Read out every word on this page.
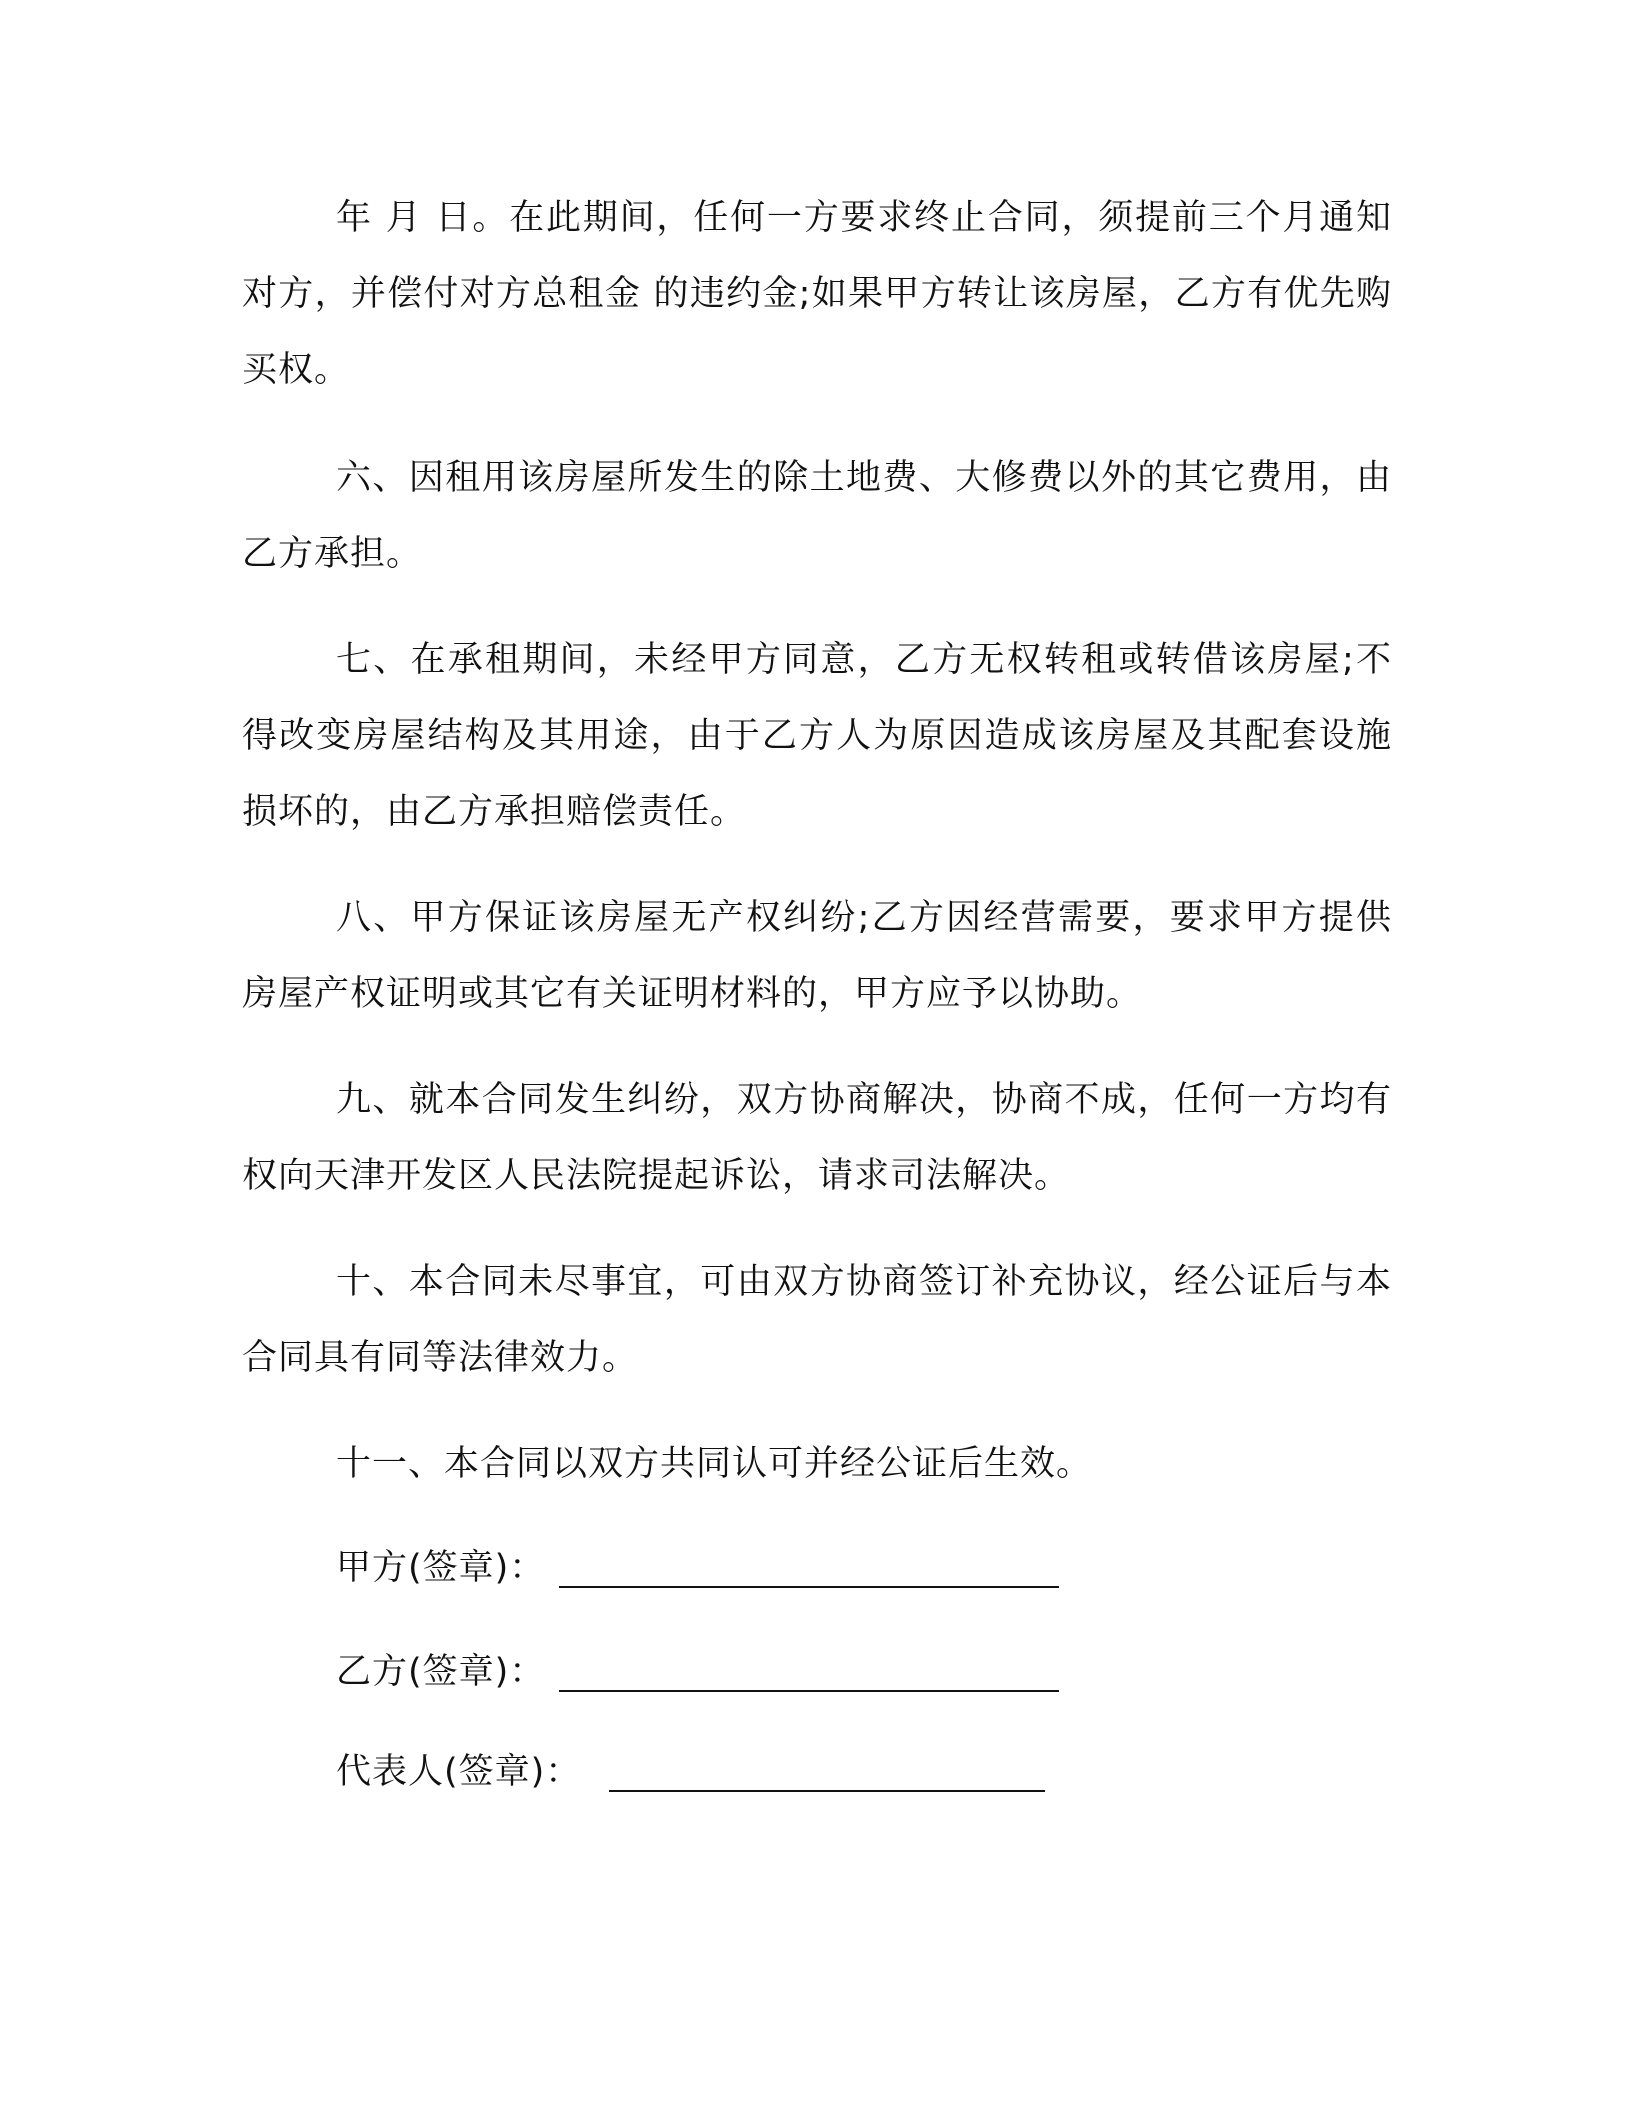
年 月 日。在此期间，任何一方要求终止合同，须提前三个月通知对方，并偿付对方总租金 的违约金;如果甲方转让该房屋，乙方有优先购买权。

六、因租用该房屋所发生的除土地费、大修费以外的其它费用，由乙方承担。

七、在承租期间，未经甲方同意，乙方无权转租或转借该房屋;不得改变房屋结构及其用途，由于乙方人为原因造成该房屋及其配套设施损坏的，由乙方承担赔偿责任。

八、甲方保证该房屋无产权纠纷;乙方因经营需要，要求甲方提供房屋产权证明或其它有关证明材料的，甲方应予以协助。

九、就本合同发生纠纷，双方协商解决，协商不成，任何一方均有权向天津开发区人民法院提起诉讼，请求司法解决。

十、本合同未尽事宜，可由双方协商签订补充协议，经公证后与本合同具有同等法律效力。

十一、本合同以双方共同认可并经公证后生效。

甲方(签章)：
乙方(签章)：
代表人(签章)：
